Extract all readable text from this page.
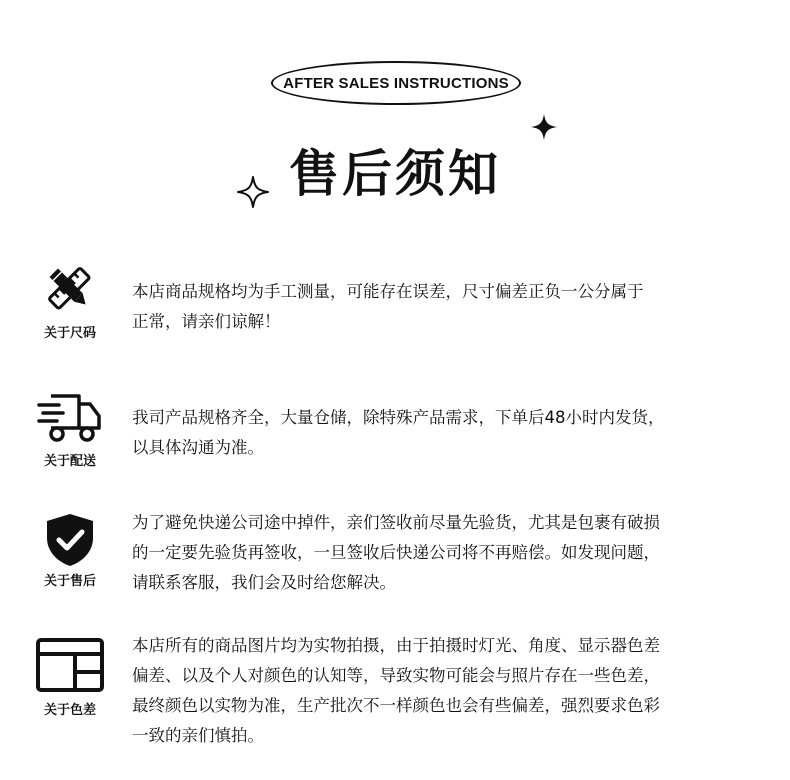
AFTER SALES INSTRUCTIONS
售后须知
关于尺码
本店商品规格均为手工测量，可能存在误差，尺寸偏差正负一公分属于
正常，请亲们谅解！
关于配送
我司产品规格齐全，大量仓储，除特殊产品需求，下单后48小时内发货，
以具体沟通为准。
关于售后
为了避免快递公司途中掉件，亲们签收前尽量先验货，尤其是包裹有破损
的一定要先验货再签收，一旦签收后快递公司将不再赔偿。如发现问题，
请联系客服，我们会及时给您解决。
关于色差
本店所有的商品图片均为实物拍摄，由于拍摄时灯光、角度、显示器色差
偏差、以及个人对颜色的认知等，导致实物可能会与照片存在一些色差，
最终颜色以实物为准，生产批次不一样颜色也会有些偏差，强烈要求色彩
一致的亲们慎拍。
